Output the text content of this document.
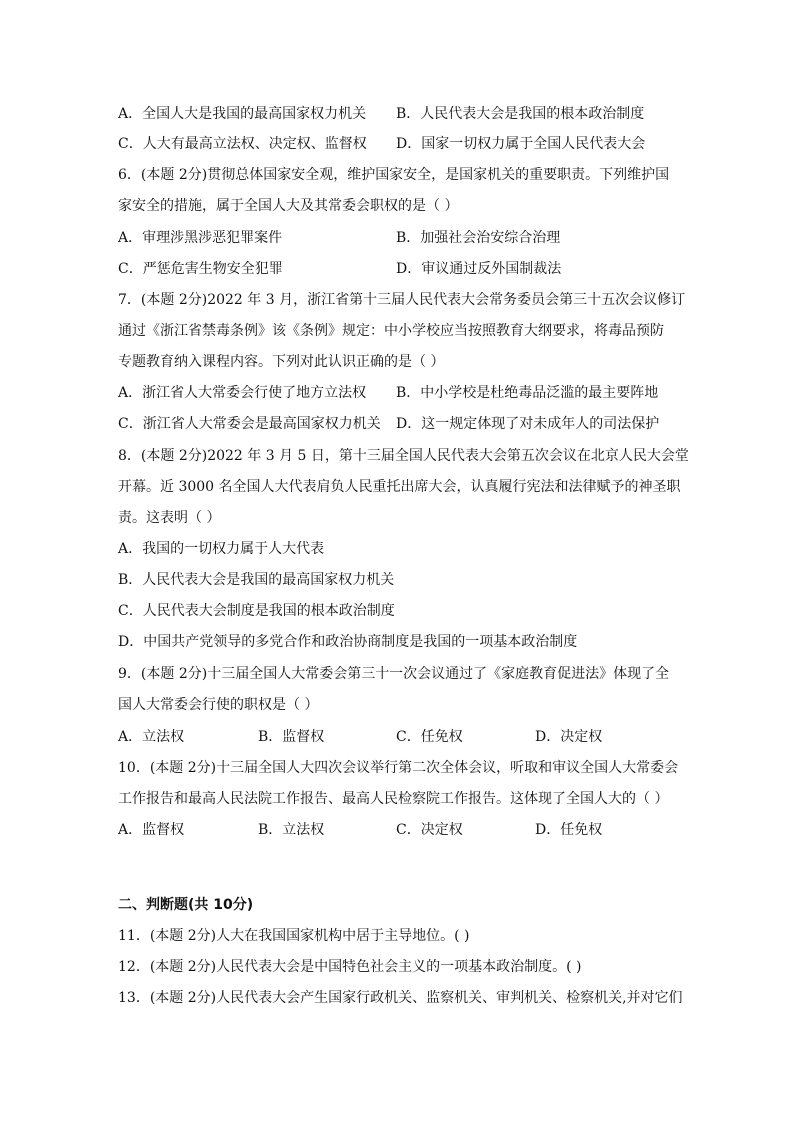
A．全国人大是我国的最高国家权力机关 B．人民代表大会是我国的根本政治制度
C．人大有最高立法权、决定权、监督权 D．国家一切权力属于全国人民代表大会
6．(本题 2分)贯彻总体国家安全观，维护国家安全，是国家机关的重要职责。下列维护国
家安全的措施，属于全国人大及其常委会职权的是（ ）
A．审理涉黑涉恶犯罪案件	B．加强社会治安综合治理
C．严惩危害生物安全犯罪	D．审议通过反外国制裁法
7．(本题 2分)2022 年 3 月，浙江省第十三届人民代表大会常务委员会第三十五次会议修订
通过《浙江省禁毒条例》该《条例》规定：中小学校应当按照教育大纲要求，将毒品预防
专题教育纳入课程内容。下列对此认识正确的是（ ）
A．浙江省人大常委会行使了地方立法权 B．中小学校是杜绝毒品泛滥的最主要阵地
C．浙江省人大常委会是最高国家权力机关 D．这一规定体现了对未成年人的司法保护
8．(本题 2分)2022 年 3 月 5 日，第十三届全国人民代表大会第五次会议在北京人民大会堂
开幕。近 3000 名全国人大代表肩负人民重托出席大会，认真履行宪法和法律赋予的神圣职
责。这表明（ ）
A．我国的一切权力属于人大代表
B．人民代表大会是我国的最高国家权力机关
C．人民代表大会制度是我国的根本政治制度
D．中国共产党领导的多党合作和政治协商制度是我国的一项基本政治制度
9．(本题 2分)十三届全国人大常委会第三十一次会议通过了《家庭教育促进法》体现了全
国人大常委会行使的职权是（ ）
A．立法权	B．监督权	C．任免权	D．决定权
10．(本题 2分)十三届全国人大四次会议举行第二次全体会议，听取和审议全国人大常委会
工作报告和最高人民法院工作报告、最高人民检察院工作报告。这体现了全国人大的（ ）
A．监督权	B．立法权	C．决定权	D．任免权
二、判断题(共 10分)
11．(本题 2分)人大在我国国家机构中居于主导地位。( )
12．(本题 2分)人民代表大会是中国特色社会主义的一项基本政治制度。( )
13．(本题 2分)人民代表大会产生国家行政机关、监察机关、审判机关、检察机关,并对它们
